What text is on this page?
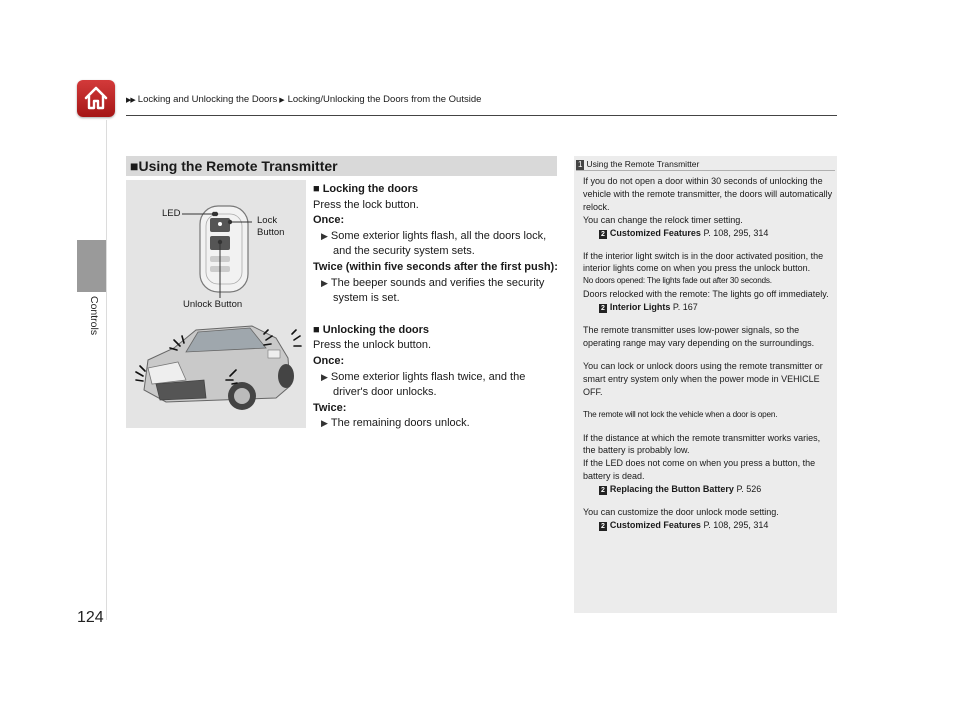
▶▶ Locking and Unlocking the Doors ▶ Locking/Unlocking the Doors from the Outside
Controls
124
■Using the Remote Transmitter
LED
Lock
Button
Unlock Button
■ Locking the doors
Press the lock button.
Once:
▶ Some exterior lights flash, all the doors lock, and the security system sets.
Twice (within five seconds after the first push):
▶ The beeper sounds and verifies the security system is set.
■ Unlocking the doors
Press the unlock button.
Once:
▶ Some exterior lights flash twice, and the driver's door unlocks.
Twice:
▶ The remaining doors unlock.
1 Using the Remote Transmitter
If you do not open a door within 30 seconds of unlocking the vehicle with the remote transmitter, the doors will automatically relock.
You can change the relock timer setting.
2 Customized Features P. 108, 295, 314
If the interior light switch is in the door activated position, the interior lights come on when you press the unlock button.
No doors opened: The lights fade out after 30 seconds.
Doors relocked with the remote: The lights go off immediately.
2 Interior Lights P. 167
The remote transmitter uses low-power signals, so the operating range may vary depending on the surroundings.
You can lock or unlock doors using the remote transmitter or smart entry system only when the power mode in VEHICLE OFF.
The remote will not lock the vehicle when a door is open.
If the distance at which the remote transmitter works varies, the battery is probably low.
If the LED does not come on when you press a button, the battery is dead.
2 Replacing the Button Battery P. 526
You can customize the door unlock mode setting.
2 Customized Features P. 108, 295, 314
